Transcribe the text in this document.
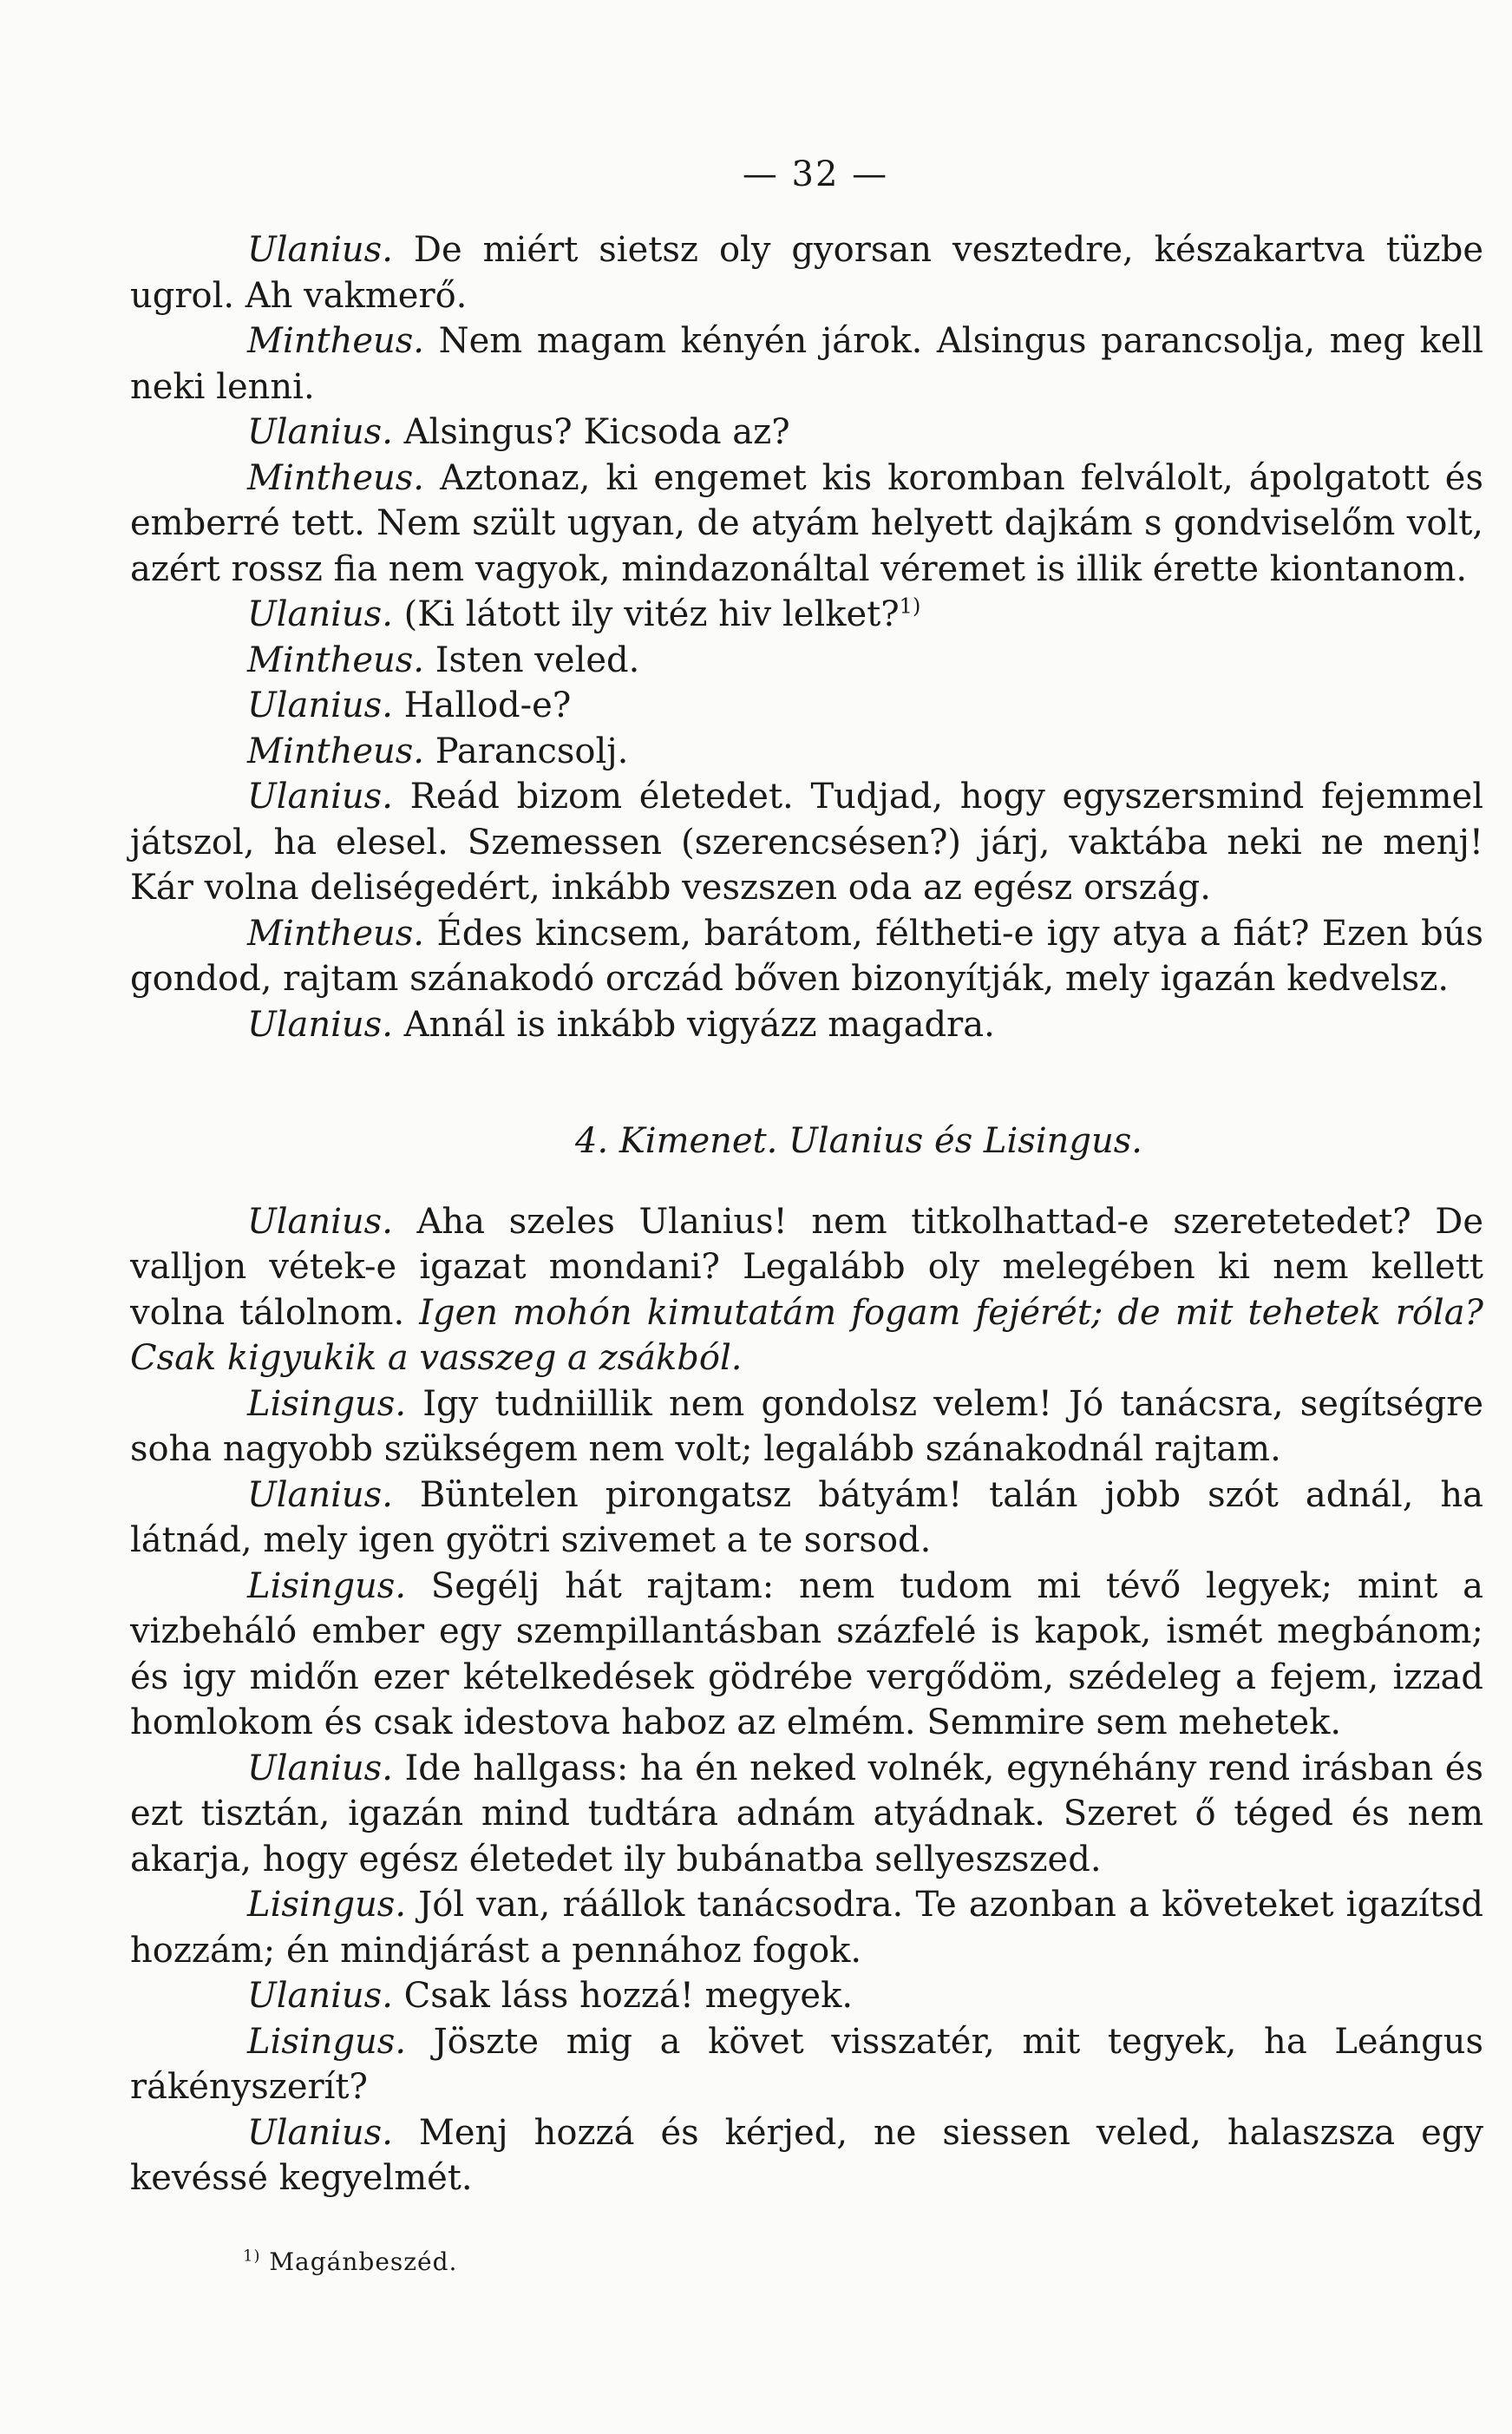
— 32 —

Ulanius. De miért sietsz oly gyorsan vesztedre, készakartva tüzbe ugrol. Ah vakmerő.

Mintheus. Nem magam kényén járok. Alsingus parancsolja, meg kell neki lenni.

Ulanius. Alsingus? Kicsoda az?

Mintheus. Aztonaz, ki engemet kis koromban felválolt, ápolgatott és emberré tett. Nem szült ugyan, de atyám helyett dajkám s gondviselőm volt, azért rossz fia nem vagyok, mindazonáltal véremet is illik érette kiontanom.

Ulanius. (Ki látott ily vitéz hiv lelket?$^{1)}$

Mintheus. Isten veled.

Ulanius. Hallod-e?

Mintheus. Parancsolj.

Ulanius. Reád bizom életedet. Tudjad, hogy egyszersmind fejemmel játszol, ha elesel. Szemessen (szerencsésen?) járj, vaktába neki ne menj! Kár volna deliségedért, inkább veszszen oda az egész ország.

Mintheus. Édes kincsem, barátom, féltheti-e igy atya a fiát? Ezen bús gondod, rajtam szánakodó orczád bőven bizonyítják, mely igazán kedvelsz.

Ulanius. Annál is inkább vigyázz magadra.

4. Kimenet. Ulanius és Lisingus.

Ulanius. Aha szeles Ulanius! nem titkolhattad-e szeretetedet? De valljon vétek-e igazat mondani? Legalább oly melegében ki nem kellett volna tálolnom. Igen mohón kimutatám fogam fejérét; de mit tehetek róla? Csak kigyukik a vasszeg a zsákból.

Lisingus. Igy tudniillik nem gondolsz velem! Jó tanácsra, segítségre soha nagyobb szükségem nem volt; legalább szánakodnál rajtam.

Ulanius. Büntelen pirongatsz bátyám! talán jobb szót adnál, ha látnád, mely igen gyötri szivemet a te sorsod.

Lisingus. Segélj hát rajtam: nem tudom mi tévő legyek; mint a vizbeháló ember egy szempillantásban százfelé is kapok, ismét megbánom; és igy midőn ezer kételkedések gödrébe vergődöm, szédeleg a fejem, izzad homlokom és csak idestova haboz az elmém. Semmire sem mehetek.

Ulanius. Ide hallgass: ha én neked volnék, egynéhány rend irásban és ezt tisztán, igazán mind tudtára adnám atyádnak. Szeret ő téged és nem akarja, hogy egész életedet ily bubánatba sellyeszszed.

Lisingus. Jól van, ráállok tanácsodra. Te azonban a követeket igazítsd hozzám; én mindjárást a pennához fogok.

Ulanius. Csak láss hozzá! megyek.

Lisingus. Jöszte mig a követ visszatér, mit tegyek, ha Leángus rákényszerít?

Ulanius. Menj hozzá és kérjed, ne siessen veled, halaszsza egy kevéssé kegyelmét.

$^{1)}$ Magánbeszéd.
